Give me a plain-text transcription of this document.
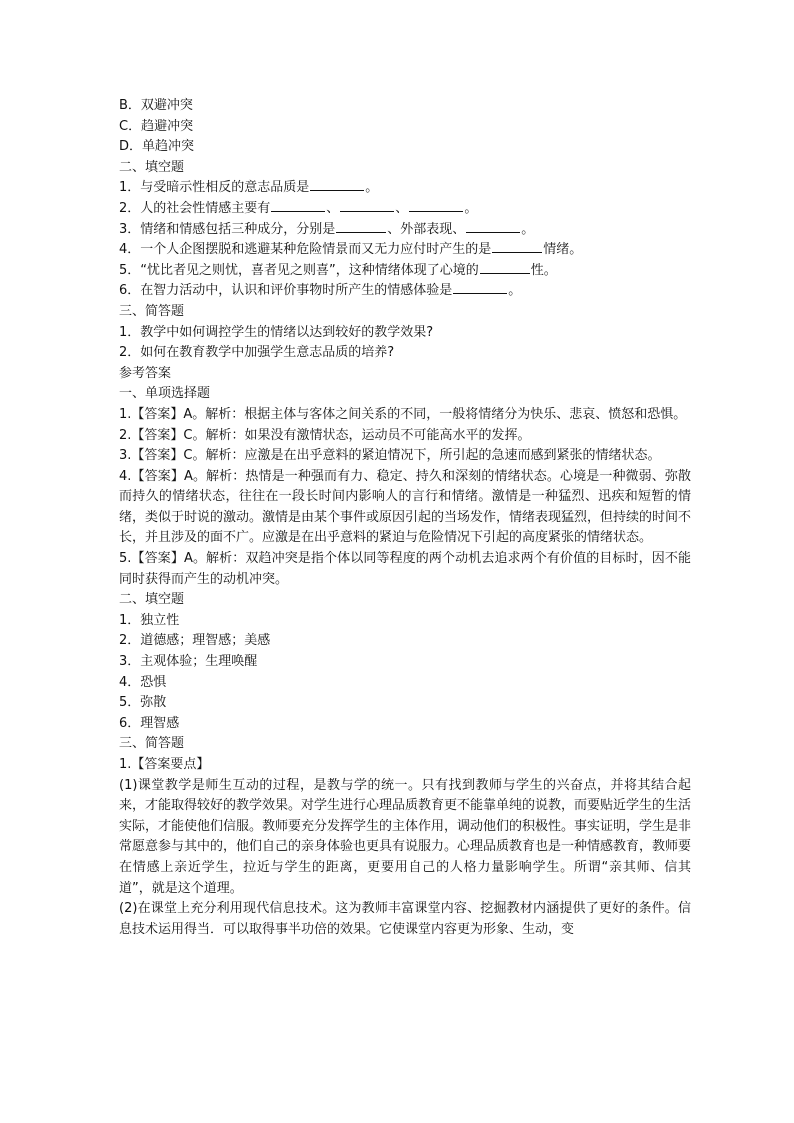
B．双避冲突
C．趋避冲突
D．单趋冲突
二、填空题
1．与受暗示性相反的意志品质是	。
2．人的社会性情感主要有	、	、	。
3．情绪和情感包括三种成分，分别是	、外部表现、	。
4．一个人企图摆脱和逃避某种危险情景而又无力应付时产生的是	情绪。
5．“忧比者见之则忧，喜者见之则喜”，这种情绪体现了心境的	性。
6．在智力活动中，认识和评价事物时所产生的情感体验是	。
三、简答题
1．教学中如何调控学生的情绪以达到较好的教学效果?
2．如何在教育教学中加强学生意志品质的培养?
参考答案
一、单项选择题
1.【答案】A。解析：根据主体与客体之间关系的不同，一般将情绪分为快乐、悲哀、愤怒和恐惧。
2.【答案】C。解析：如果没有激情状态，运动员不可能高水平的发挥。
3.【答案】C。解析：应激是在出乎意料的紧迫情况下，所引起的急速而感到紧张的情绪状态。
4.【答案】A。解析：热情是一种强而有力、稳定、持久和深刻的情绪状态。心境是一种微弱、弥散而持久的情绪状态，往往在一段长时间内影响人的言行和情绪。激情是一种猛烈、迅疾和短暂的情绪，类似于时说的激动。激情是由某个事件或原因引起的当场发作，情绪表现猛烈，但持续的时间不长，并且涉及的面不广。应激是在出乎意料的紧迫与危险情况下引起的高度紧张的情绪状态。
5.【答案】A。解析：双趋冲突是指个体以同等程度的两个动机去追求两个有价值的目标时，因不能同时获得而产生的动机冲突。
二、填空题
1．独立性
2．道德感；理智感；美感
3．主观体验；生理唤醒
4．恐惧
5．弥散
6．理智感
三、简答题
1.【答案要点】
(1)课堂教学是师生互动的过程，是教与学的统一。只有找到教师与学生的兴奋点，并将其结合起来，才能取得较好的教学效果。对学生进行心理品质教育更不能靠单纯的说教，而要贴近学生的生活实际，才能使他们信服。教师要充分发挥学生的主体作用，调动他们的积极性。事实证明，学生是非常愿意参与其中的，他们自己的亲身体验也更具有说服力。心理品质教育也是一种情感教育，教师要在情感上亲近学生，拉近与学生的距离，更要用自己的人格力量影响学生。所谓“亲其师、信其道”，就是这个道理。
(2)在课堂上充分利用现代信息技术。这为教师丰富课堂内容、挖掘教材内涵提供了更好的条件。信息技术运用得当．可以取得事半功倍的效果。它使课堂内容更为形象、生动，变
